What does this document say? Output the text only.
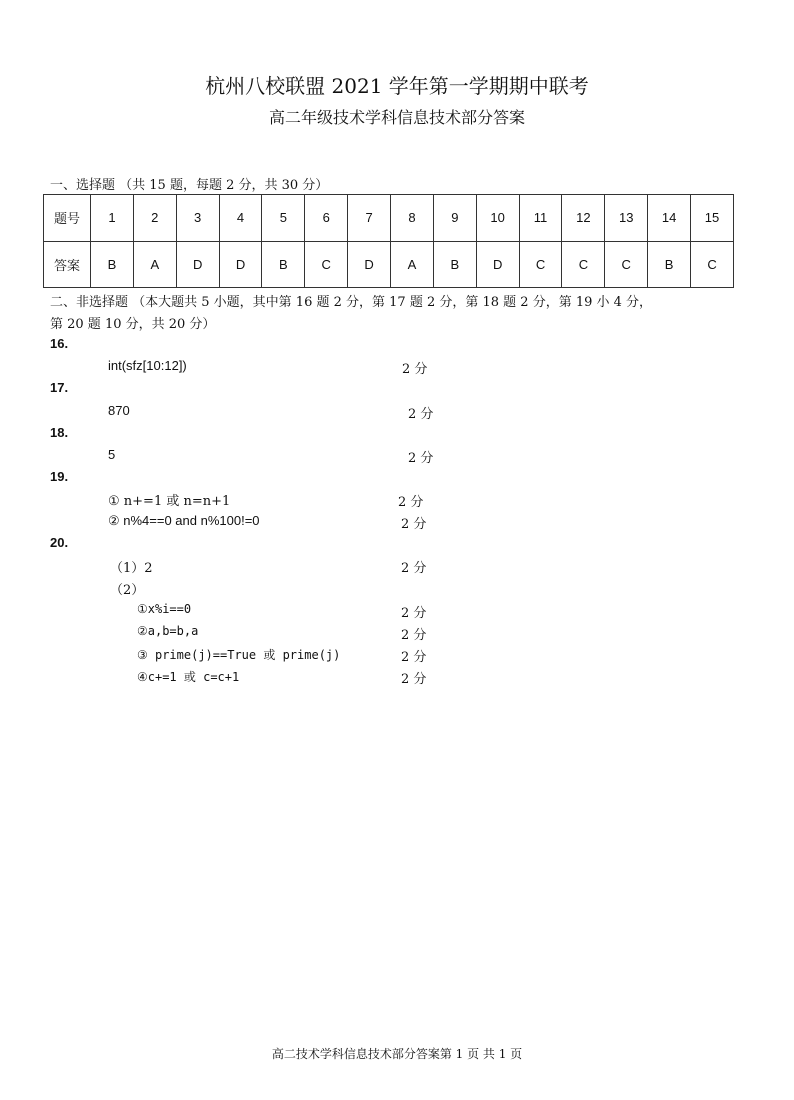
杭州八校联盟 2021 学年第一学期期中联考
高二年级技术学科信息技术部分答案
一、选择题 （共 15 题，每题 2 分，共 30 分）
题号	1	2	3	4	5	6	7	8	9	10	11	12	13	14	15
答案	B	A	D	D	B	C	D	A	B	D	C	C	C	B	C
二、非选择题 （本大题共 5 小题，其中第 16 题 2 分，第 17 题 2 分，第 18 题 2 分，第 19 小 4 分，
第 20 题 10 分，共 20 分）
16.
int(sfz[10:12])	2 分
17.
870	2 分
18.
5	2 分
19.
① n+=1 或 n=n+1	2 分
② n%4==0 and n%100!=0	2 分
20.
（1）2	2 分
（2）
①x%i==0	2 分
②a,b=b,a	2 分
③ prime(j)==True 或 prime(j)	2 分
④c+=1 或 c=c+1	2 分
高二技术学科信息技术部分答案第 1 页 共 1 页
